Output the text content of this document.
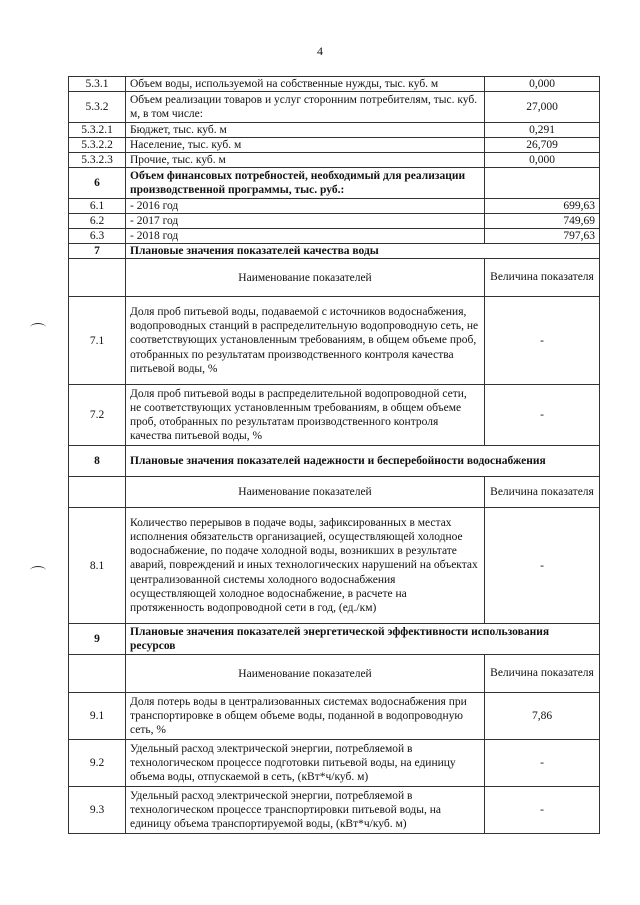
4
5.3.1	Объем воды, используемой на собственные нужды, тыс. куб. м	0,000
5.3.2	Объем реализации товаров и услуг сторонним потребителям, тыс. куб. м, в том числе:	27,000
5.3.2.1	Бюджет, тыс. куб. м	0,291
5.3.2.2	Население, тыс. куб. м	26,709
5.3.2.3	Прочие, тыс. куб. м	0,000
6	Объем финансовых потребностей, необходимый для реализации производственной программы, тыс. руб.:	
6.1	- 2016 год	699,63
6.2	- 2017 год	749,69
6.3	- 2018 год	797,63
7	Плановые значения показателей качества воды	
	Наименование показателей	Величина показателя
7.1	Доля проб питьевой воды, подаваемой с источников водоснабжения, водопроводных станций в распределительную водопроводную сеть, не соответствующих установленным требованиям, в общем объеме проб, отобранных по результатам производственного контроля качества питьевой воды, %	-
7.2	Доля проб питьевой воды в распределительной водопроводной сети, не соответствующих установленным требованиям, в общем объеме проб, отобранных по результатам производственного контроля качества питьевой воды, %	-
8	Плановые значения показателей надежности и бесперебойности водоснабжения	
	Наименование показателей	Величина показателя
8.1	Количество перерывов в подаче воды, зафиксированных в местах исполнения обязательств организацией, осуществляющей холодное водоснабжение, по подаче холодной воды, возникших в результате аварий, повреждений и иных технологических нарушений на объектах централизованной системы холодного водоснабжения осуществляющей холодное водоснабжение, в расчете на протяженность водопроводной сети в год, (ед./км)	-
9	Плановые значения показателей энергетической эффективности использования ресурсов	
	Наименование показателей	Величина показателя
9.1	Доля потерь воды в централизованных системах водоснабжения при транспортировке в общем объеме воды, поданной в водопроводную сеть, %	7,86
9.2	Удельный расход электрической энергии, потребляемой в технологическом процессе подготовки питьевой воды, на единицу объема воды, отпускаемой в сеть, (кВт*ч/куб. м)	-
9.3	Удельный расход электрической энергии, потребляемой в технологическом процессе транспортировки питьевой воды, на единицу объема транспортируемой воды, (кВт*ч/куб. м)	-
